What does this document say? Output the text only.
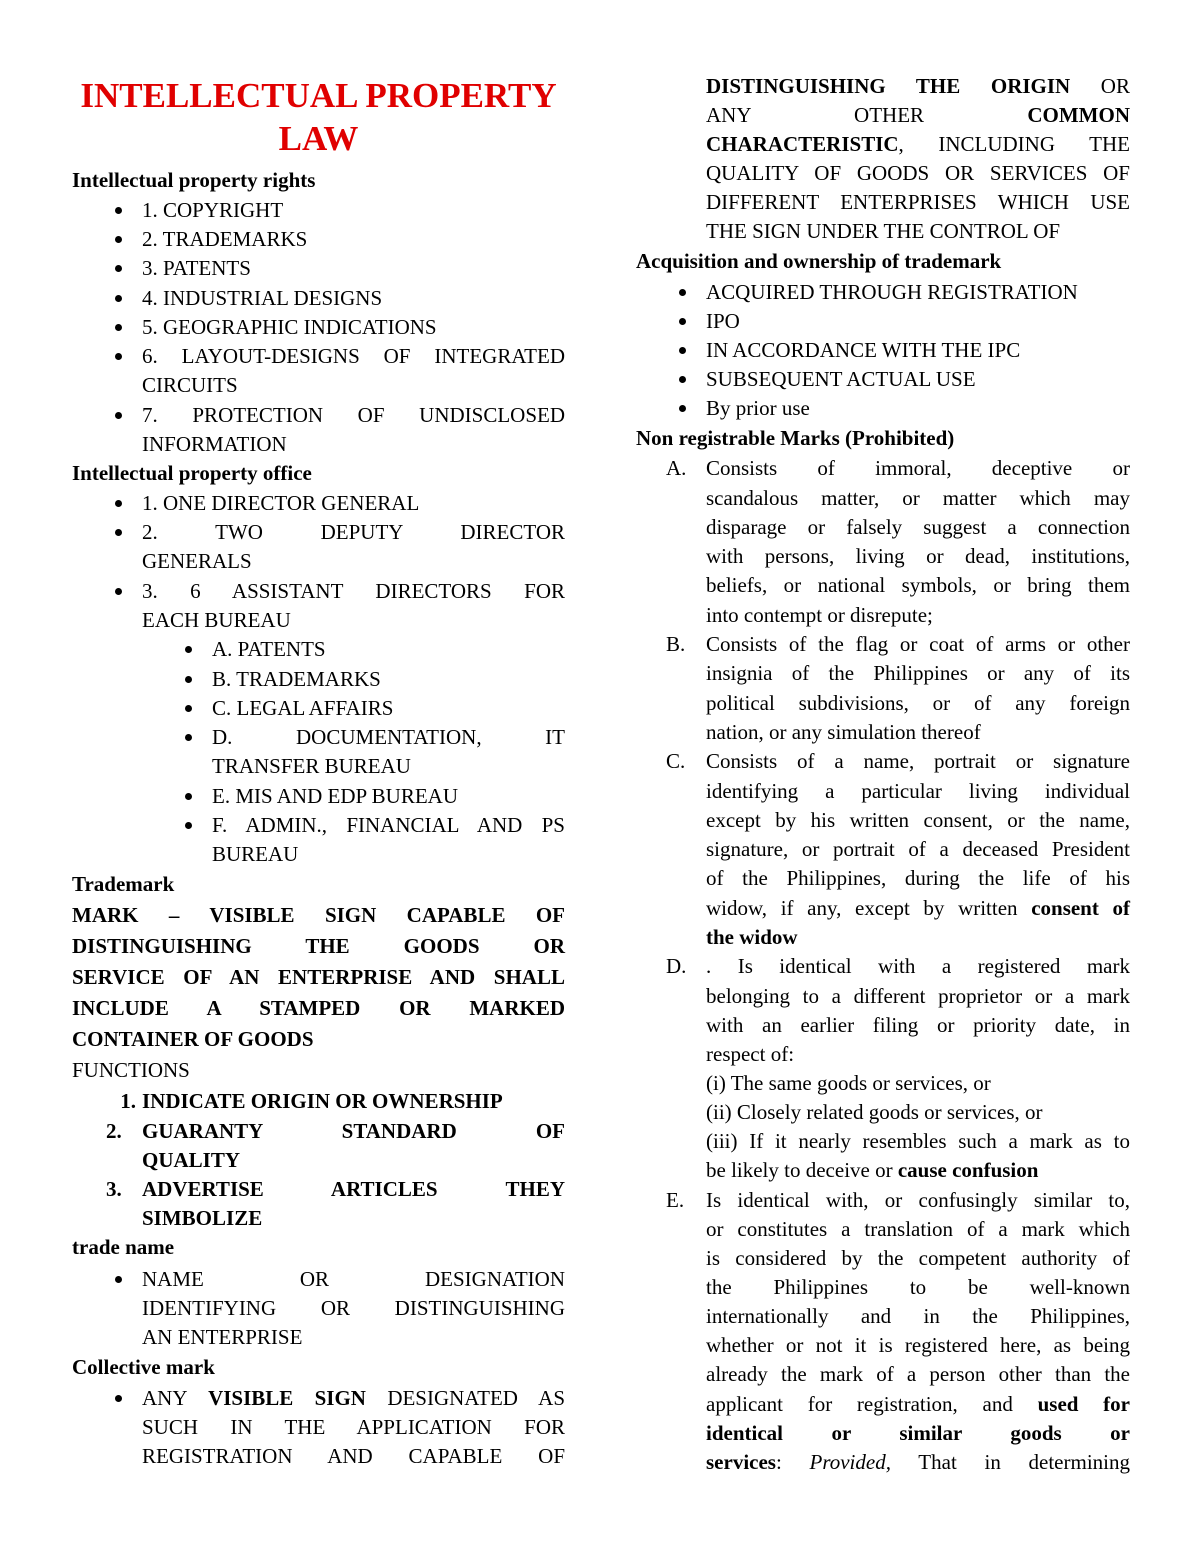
INTELLECTUAL PROPERTY
LAW
Intellectual property rights
1. COPYRIGHT
2. TRADEMARKS
3. PATENTS
4. INDUSTRIAL DESIGNS
5. GEOGRAPHIC INDICATIONS
6. LAYOUT-DESIGNS OF INTEGRATED
CIRCUITS
7. PROTECTION OF UNDISCLOSED
INFORMATION
Intellectual property office
1. ONE DIRECTOR GENERAL
2. TWO DEPUTY DIRECTOR
GENERALS
3. 6 ASSISTANT DIRECTORS FOR
EACH BUREAU
A. PATENTS
B. TRADEMARKS
C. LEGAL AFFAIRS
D. DOCUMENTATION, IT
TRANSFER BUREAU
E. MIS AND EDP BUREAU
F. ADMIN., FINANCIAL AND PS
BUREAU
Trademark
MARK – VISIBLE SIGN CAPABLE OF
DISTINGUISHING THE GOODS OR
SERVICE OF AN ENTERPRISE AND SHALL
INCLUDE A STAMPED OR MARKED
CONTAINER OF GOODS
FUNCTIONS
1. INDICATE ORIGIN OR OWNERSHIP
2. GUARANTY STANDARD OF
QUALITY
3. ADVERTISE ARTICLES THEY
SIMBOLIZE
trade name
NAME OR DESIGNATION
IDENTIFYING OR DISTINGUISHING
AN ENTERPRISE
Collective mark
ANY VISIBLE SIGN DESIGNATED AS
SUCH IN THE APPLICATION FOR
REGISTRATION AND CAPABLE OF
DISTINGUISHING THE ORIGIN OR
ANY OTHER COMMON
CHARACTERISTIC, INCLUDING THE
QUALITY OF GOODS OR SERVICES OF
DIFFERENT ENTERPRISES WHICH USE
THE SIGN UNDER THE CONTROL OF
Acquisition and ownership of trademark
ACQUIRED THROUGH REGISTRATION
IPO
IN ACCORDANCE WITH THE IPC
SUBSEQUENT ACTUAL USE
By prior use
Non registrable Marks (Prohibited)
A. Consists of immoral, deceptive or
scandalous matter, or matter which may
disparage or falsely suggest a connection
with persons, living or dead, institutions,
beliefs, or national symbols, or bring them
into contempt or disrepute;
B. Consists of the flag or coat of arms or other
insignia of the Philippines or any of its
political subdivisions, or of any foreign
nation, or any simulation thereof
C. Consists of a name, portrait or signature
identifying a particular living individual
except by his written consent, or the name,
signature, or portrait of a deceased President
of the Philippines, during the life of his
widow, if any, except by written consent of
the widow
D. . Is identical with a registered mark
belonging to a different proprietor or a mark
with an earlier filing or priority date, in
respect of:
(i) The same goods or services, or
(ii) Closely related goods or services, or
(iii) If it nearly resembles such a mark as to
be likely to deceive or cause confusion
E.	Is identical with, or confusingly similar to,
or constitutes a translation of a mark which
is considered by the competent authority of
the Philippines to be well-known
internationally and in the Philippines,
whether or not it is registered here, as being
already the mark of a person other than the
applicant for registration, and used for
identical or similar goods or
services: Provided, That in determining
